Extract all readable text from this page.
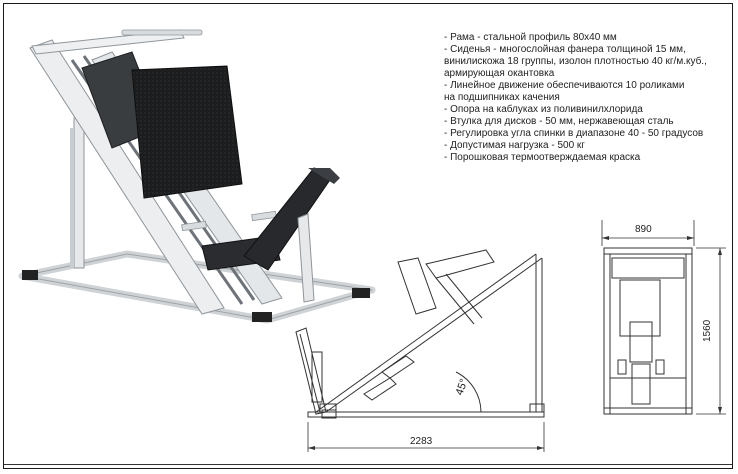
- Рама - стальной профиль 80х40 мм
- Сиденья - многослойная фанера толщиной 15 мм,
винилискожа 18 группы, изолон плотностью 40 кг/м.куб.,
армирующая окантовка
- Линейное движение обеспечиваются 10 роликами
на подшипниках качения
- Опора на каблуках из поливинилхлорида
- Втулка для дисков - 50 мм, нержавеющая сталь
- Регулировка угла спинки в диапазоне 40 - 50 градусов
- Допустимая нагрузка - 500 кг
- Порошковая термоотверждаемая краска
45°
2283
890
1560
